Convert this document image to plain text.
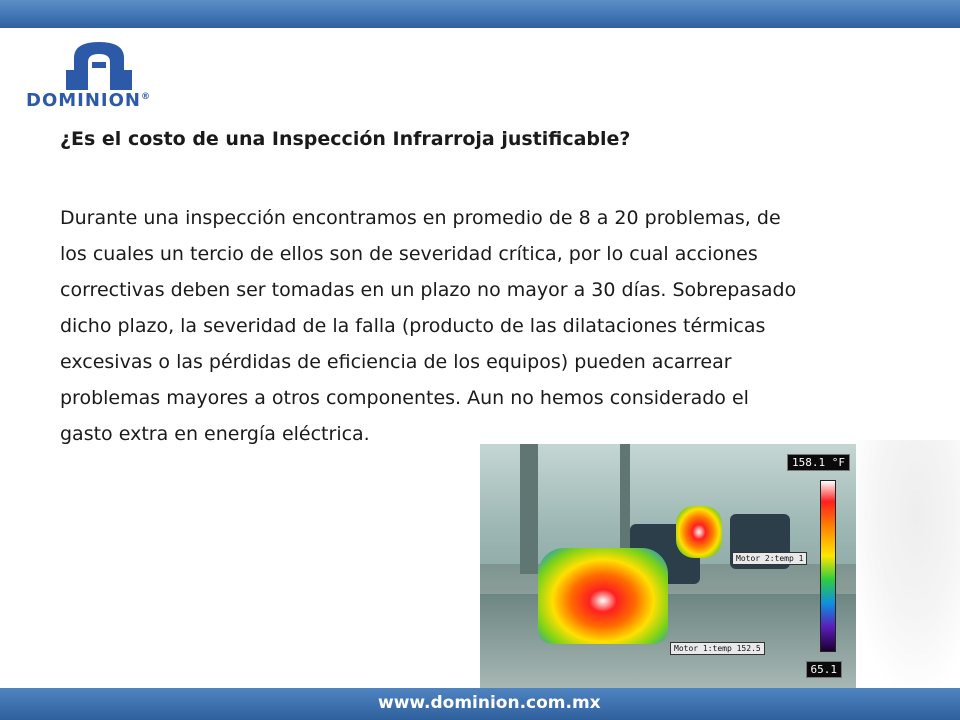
DOMINION®
¿Es el costo de una Inspección Infrarroja justificable?
Durante una inspección encontramos en promedio de 8 a 20 problemas, de
los cuales un tercio de ellos son de severidad crítica, por lo cual acciones
correctivas deben ser tomadas en un plazo no mayor a 30 días. Sobrepasado
dicho plazo, la severidad de la falla (producto de las dilataciones térmicas
excesivas o las pérdidas de eficiencia de los equipos) pueden acarrear
problemas mayores a otros componentes. Aun no hemos considerado el
gasto extra en energía eléctrica.
Motor 2:temp 1
Motor 1:temp 152.5
158.1 °F
65.1
www.dominion.com.mx
